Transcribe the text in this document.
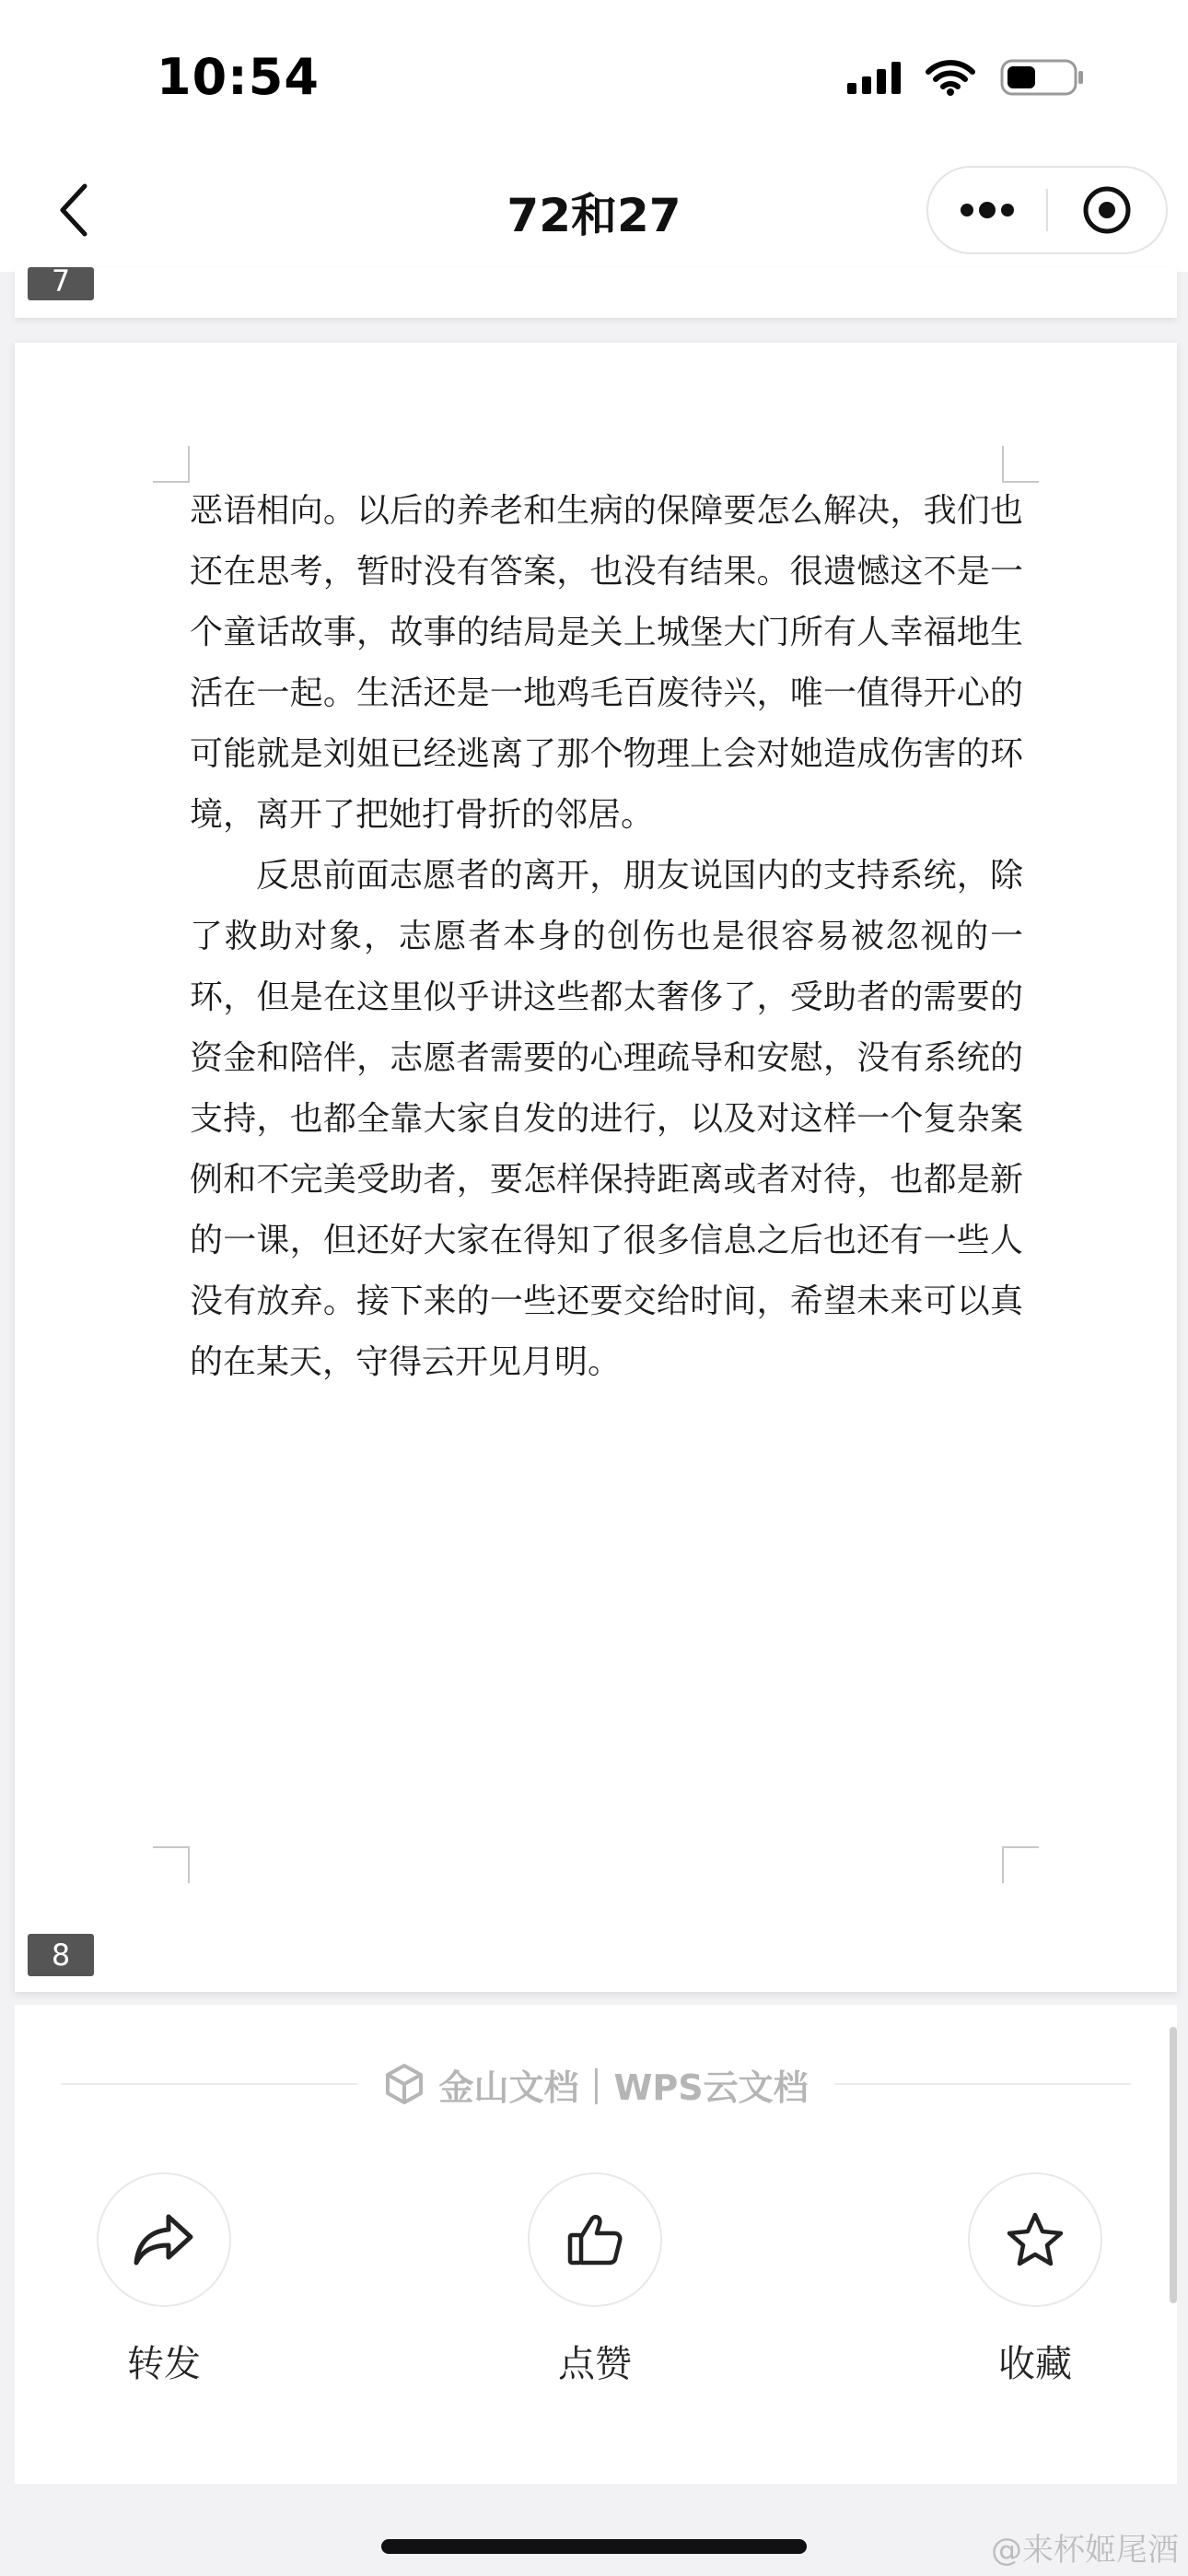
10:54
72和27
7

恶语相向。以后的养老和生病的保障要怎么解决，我们也还在思考，暂时没有答案，也没有结果。很遗憾这不是一个童话故事，故事的结局是关上城堡大门所有人幸福地生活在一起。生活还是一地鸡毛百废待兴，唯一值得开心的可能就是刘姐已经逃离了那个物理上会对她造成伤害的环境，离开了把她打骨折的邻居。

反思前面志愿者的离开，朋友说国内的支持系统，除了救助对象，志愿者本身的创伤也是很容易被忽视的一环，但是在这里似乎讲这些都太奢侈了，受助者的需要的资金和陪伴，志愿者需要的心理疏导和安慰，没有系统的支持，也都全靠大家自发的进行，以及对这样一个复杂案例和不完美受助者，要怎样保持距离或者对待，也都是新的一课，但还好大家在得知了很多信息之后也还有一些人没有放弃。接下来的一些还要交给时间，希望未来可以真的在某天，守得云开见月明。

8
金山文档｜WPS云文档
转发	点赞	收藏
@来杯姬尾酒
